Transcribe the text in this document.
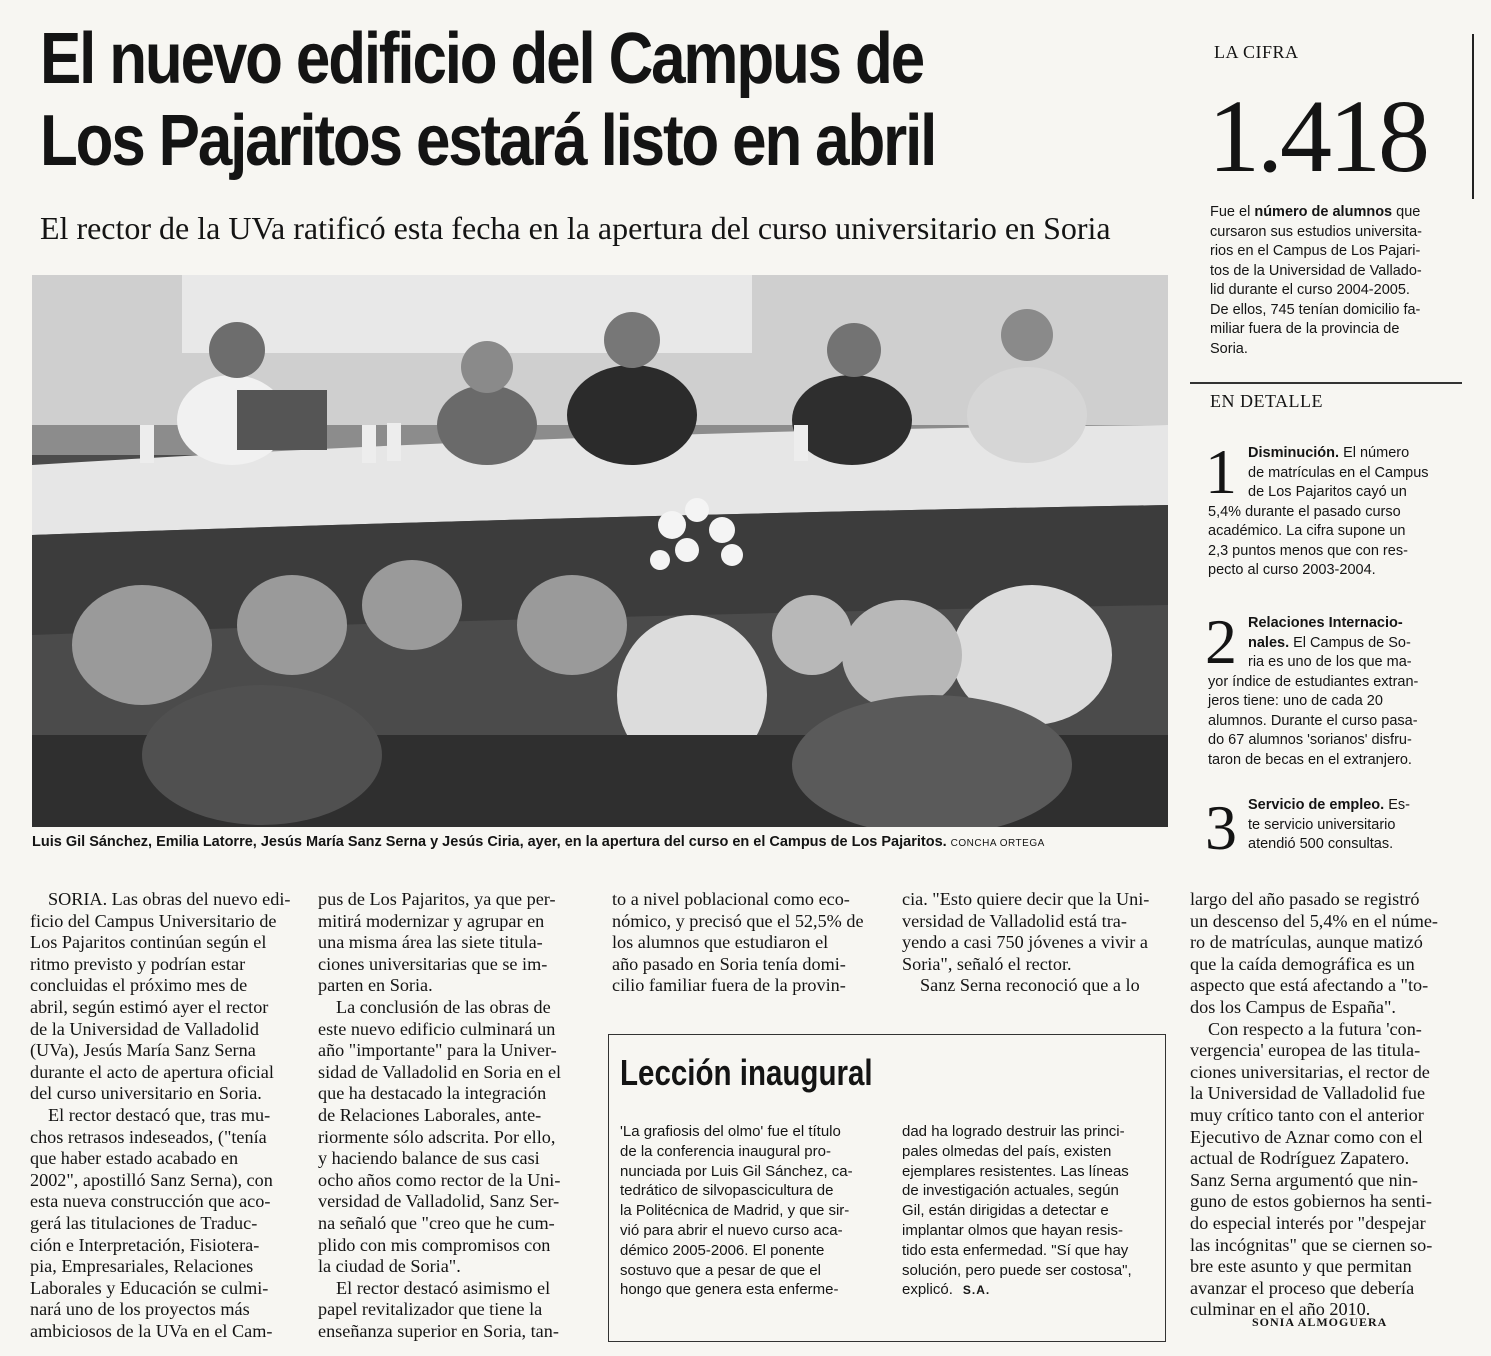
El nuevo edificio del Campus de
Los Pajaritos estará listo en abril
El rector de la UVa ratificó esta fecha en la apertura del curso universitario en Soria
Luis Gil Sánchez, Emilia Latorre, Jesús María Sanz Serna y Jesús Ciria, ayer, en la apertura del curso en el Campus de Los Pajaritos. CONCHA ORTEGA
LA CIFRA
1.418
Fue el número de alumnos que
cursaron sus estudios universita-
rios en el Campus de Los Pajari-
tos de la Universidad de Vallado-
lid durante el curso 2004-2005.
De ellos, 745 tenían domicilio fa-
miliar fuera de la provincia de
Soria.
EN DETALLE
1 Disminución. El número
de matrículas en el Campus
de Los Pajaritos cayó un
5,4% durante el pasado curso
académico. La cifra supone un
2,3 puntos menos que con res-
pecto al curso 2003-2004.
2 Relaciones Internacio-
nales. El Campus de So-
ria es uno de los que ma-
yor índice de estudiantes extran-
jeros tiene: uno de cada 20
alumnos. Durante el curso pasa-
do 67 alumnos 'sorianos' disfru-
taron de becas en el extranjero.
3 Servicio de empleo. Es-
te servicio universitario
atendió 500 consultas.
SORIA. Las obras del nuevo edi-
ficio del Campus Universitario de
Los Pajaritos continúan según el
ritmo previsto y podrían estar
concluidas el próximo mes de
abril, según estimó ayer el rector
de la Universidad de Valladolid
(UVa), Jesús María Sanz Serna
durante el acto de apertura oficial
del curso universitario en Soria.
El rector destacó que, tras mu-
chos retrasos indeseados, ("tenía
que haber estado acabado en
2002", apostilló Sanz Serna), con
esta nueva construcción que aco-
gerá las titulaciones de Traduc-
ción e Interpretación, Fisiotera-
pia, Empresariales, Relaciones
Laborales y Educación se culmi-
nará uno de los proyectos más
ambiciosos de la UVa en el Cam-
pus de Los Pajaritos, ya que per-
mitirá modernizar y agrupar en
una misma área las siete titula-
ciones universitarias que se im-
parten en Soria.
La conclusión de las obras de
este nuevo edificio culminará un
año "importante" para la Univer-
sidad de Valladolid en Soria en el
que ha destacado la integración
de Relaciones Laborales, ante-
riormente sólo adscrita. Por ello,
y haciendo balance de sus casi
ocho años como rector de la Uni-
versidad de Valladolid, Sanz Ser-
na señaló que "creo que he cum-
plido con mis compromisos con
la ciudad de Soria".
El rector destacó asimismo el
papel revitalizador que tiene la
enseñanza superior en Soria, tan-
to a nivel poblacional como eco-
nómico, y precisó que el 52,5% de
los alumnos que estudiaron el
año pasado en Soria tenía domi-
cilio familiar fuera de la provin-
cia. "Esto quiere decir que la Uni-
versidad de Valladolid está tra-
yendo a casi 750 jóvenes a vivir a
Soria", señaló el rector.
Sanz Serna reconoció que a lo
largo del año pasado se registró
un descenso del 5,4% en el núme-
ro de matrículas, aunque matizó
que la caída demográfica es un
aspecto que está afectando a "to-
dos los Campus de España".
Con respecto a la futura 'con-
vergencia' europea de las titula-
ciones universitarias, el rector de
la Universidad de Valladolid fue
muy crítico tanto con el anterior
Ejecutivo de Aznar como con el
actual de Rodríguez Zapatero.
Sanz Serna argumentó que nin-
guno de estos gobiernos ha senti-
do especial interés por "despejar
las incógnitas" que se ciernen so-
bre este asunto y que permitan
avanzar el proceso que debería
culminar en el año 2010.
SONIA ALMOGUERA
Lección inaugural
'La grafiosis del olmo' fue el título
de la conferencia inaugural pro-
nunciada por Luis Gil Sánchez, ca-
tedrático de silvopascicultura de
la Politécnica de Madrid, y que sir-
vió para abrir el nuevo curso aca-
démico 2005-2006. El ponente
sostuvo que a pesar de que el
hongo que genera esta enferme-
dad ha logrado destruir las princi-
pales olmedas del país, existen
ejemplares resistentes. Las líneas
de investigación actuales, según
Gil, están dirigidas a detectar e
implantar olmos que hayan resis-
tido esta enfermedad. "Sí que hay
solución, pero puede ser costosa",
explicó. S.A.
